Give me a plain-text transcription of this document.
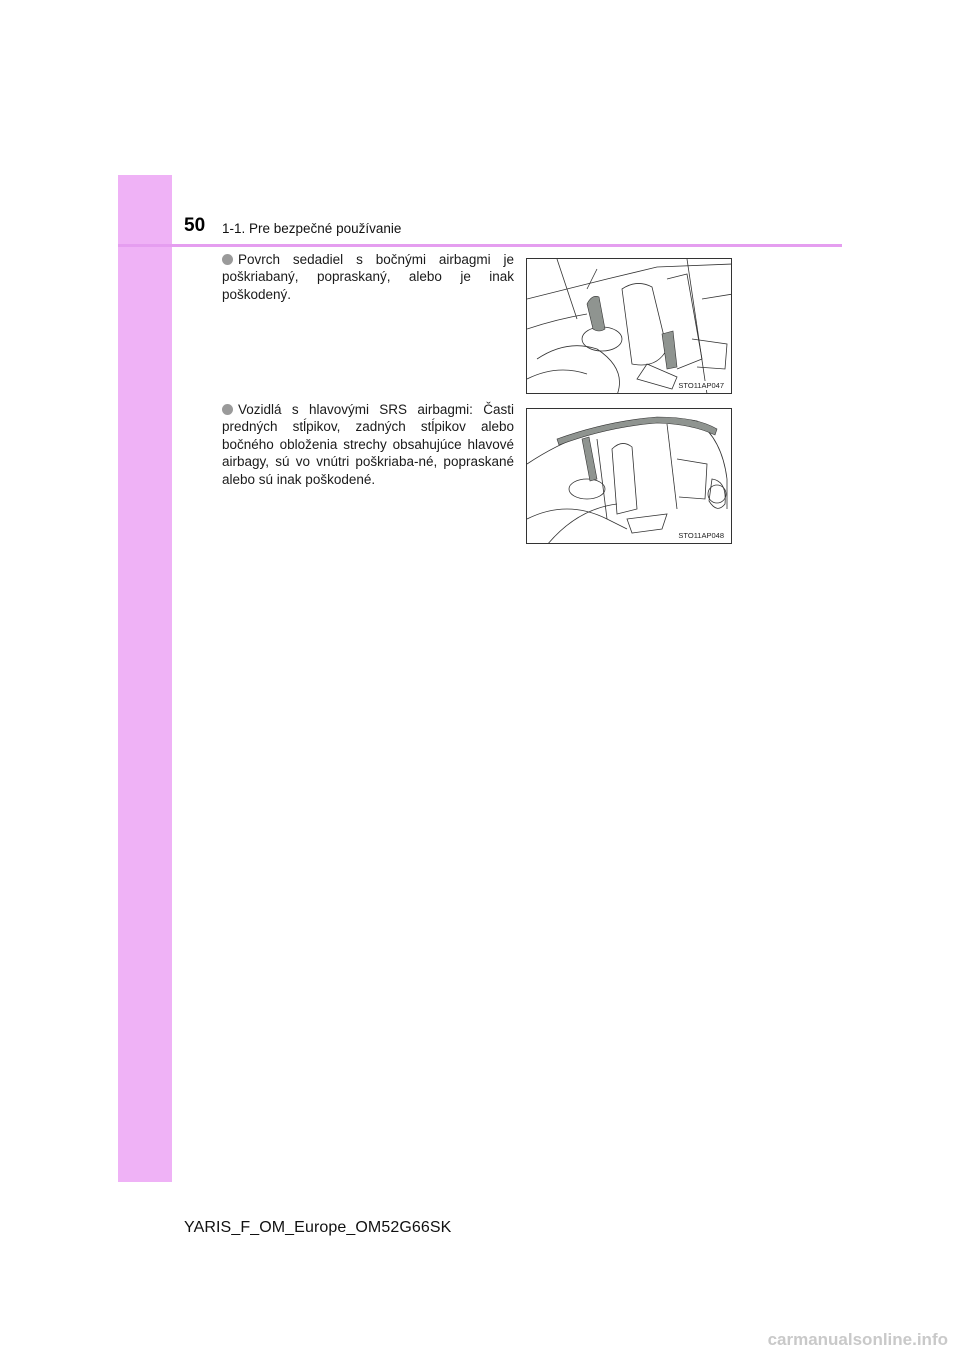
50 1-1. Pre bezpečné používanie
Povrch sedadiel s bočnými airbagmi je poškriabaný, popraskaný, alebo je inak poškodený.
STO11AP047
Vozidlá s hlavovými SRS airbagmi: Časti predných stĺpikov, zadných stĺpikov alebo bočného obloženia strechy obsahujúce hlavové airbagy, sú vo vnútri poškriaba-né, popraskané alebo sú inak poškodené.
STO11AP048
YARIS_F_OM_Europe_OM52G66SK
carmanualsonline.info
